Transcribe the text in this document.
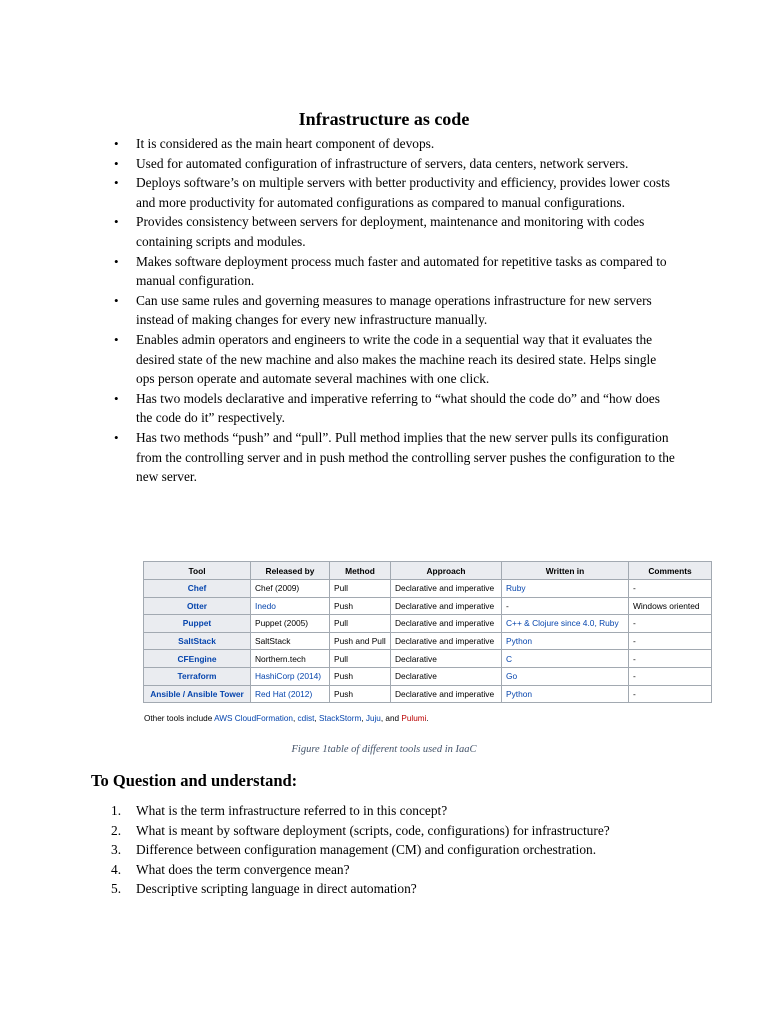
Infrastructure as code
• It is considered as the main heart component of devops.
• Used for automated configuration of infrastructure of servers, data centers, network servers.
• Deploys software’s on multiple servers with better productivity and efficiency, provides lower costs and more productivity for automated configurations as compared to manual configurations.
• Provides consistency between servers for deployment, maintenance and monitoring with codes containing scripts and modules.
• Makes software deployment process much faster and automated for repetitive tasks as compared to manual configuration.
• Can use same rules and governing measures to manage operations infrastructure for new servers instead of making changes for every new infrastructure manually.
• Enables admin operators and engineers to write the code in a sequential way that it evaluates the desired state of the new machine and also makes the machine reach its desired state. Helps single ops person operate and automate several machines with one click.
• Has two models declarative and imperative referring to “what should the code do” and “how does the code do it” respectively.
• Has two methods “push” and “pull”. Pull method implies that the new server pulls its configuration from the controlling server and in push method the controlling server pushes the configuration to the new server.
Tool	Released by	Method	Approach	Written in	Comments
Chef	Chef (2009)	Pull	Declarative and imperative	Ruby	-
Otter	Inedo	Push	Declarative and imperative	-	Windows oriented
Puppet	Puppet (2005)	Pull	Declarative and imperative	C++ & Clojure since 4.0, Ruby	-
SaltStack	SaltStack	Push and Pull	Declarative and imperative	Python	-
CFEngine	Northern.tech	Pull	Declarative	C	-
Terraform	HashiCorp (2014)	Push	Declarative	Go	-
Ansible / Ansible Tower	Red Hat (2012)	Push	Declarative and imperative	Python	-
Other tools include AWS CloudFormation, cdist, StackStorm, Juju, and Pulumi.
Figure 1table of different tools used in IaaC
To Question and understand:
1. What is the term infrastructure referred to in this concept?
2. What is meant by software deployment (scripts, code, configurations) for infrastructure?
3. Difference between configuration management (CM) and configuration orchestration.
4. What does the term convergence mean?
5. Descriptive scripting language in direct automation?
